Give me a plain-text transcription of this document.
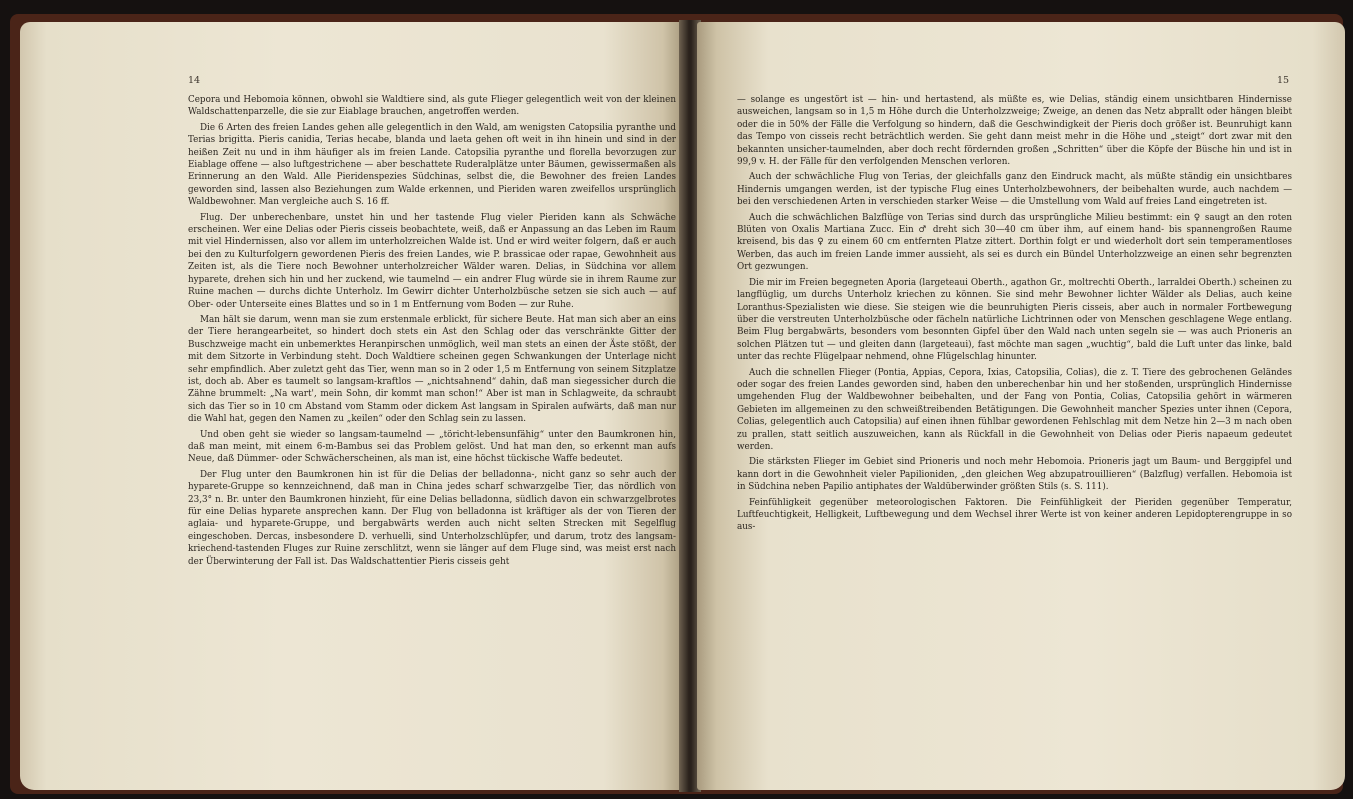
14

Cepora und Hebomoia können, obwohl sie Waldtiere sind, als gute Flieger gelegentlich weit von der kleinen Waldschattenparzelle, die sie zur Eiablage brauchen, angetroffen werden.

Die 6 Arten des freien Landes gehen alle gelegentlich in den Wald, am wenigsten Catopsilia pyranthe und Terias brigitta. Pieris canidia, Terias hecabe, blanda und laeta gehen oft weit in ihn hinein und sind in der heißen Zeit nu und in ihm häufiger als im freien Lande. Catopsilia pyranthe und florella bevorzugen zur Eiablage offene — also luftgestrichene — aber beschattete Ruderalplätze unter Bäumen, gewissermaßen als Erinnerung an den Wald. Alle Pieridenspezies Südchinas, selbst die, die Bewohner des freien Landes geworden sind, lassen also Beziehungen zum Walde erkennen, und Pieriden waren zweifellos ursprünglich Waldbewohner. Man vergleiche auch S. 16 ff.

Flug. Der unberechenbare, unstet hin und her tastende Flug vieler Pieriden kann als Schwäche erscheinen. Wer eine Delias oder Pieris cisseis beobachtete, weiß, daß er Anpassung an das Leben im Raum mit viel Hindernissen, also vor allem im unterholzreichen Walde ist. Und er wird weiter folgern, daß er auch bei den zu Kulturfolgern gewordenen Pieris des freien Landes, wie P. brassicae oder rapae, Gewohnheit aus Zeiten ist, als die Tiere noch Bewohner unterholzreicher Wälder waren. Delias, in Südchina vor allem hyparete, drehen sich hin und her zuckend, wie taumelnd — ein andrer Flug würde sie in ihrem Raume zur Ruine machen — durchs dichte Unterholz. Im Gewirr dichter Unterholzbüsche setzen sie sich auch — auf Ober- oder Unterseite eines Blattes und so in 1 m Entfernung vom Boden — zur Ruhe.

Man hält sie darum, wenn man sie zum erstenmale erblickt, für sichere Beute. Hat man sich aber an eins der Tiere herangearbeitet, so hindert doch stets ein Ast den Schlag oder das verschränkte Gitter der Buschzweige macht ein unbemerktes Heranpirschen unmöglich, weil man stets an einen der Äste stößt, der mit dem Sitzorte in Verbindung steht. Doch Waldtiere scheinen gegen Schwankungen der Unterlage nicht sehr empfindlich. Aber zuletzt geht das Tier, wenn man so in 2 oder 1,5 m Entfernung von seinem Sitzplatze ist, doch ab. Aber es taumelt so langsam-kraftlos — „nichtsahnend“ dahin, daß man siegessicher durch die Zähne brummelt: „Na wart', mein Sohn, dir kommt man schon!“ Aber ist man in Schlagweite, da schraubt sich das Tier so in 10 cm Abstand vom Stamm oder dickem Ast langsam in Spiralen aufwärts, daß man nur die Wahl hat, gegen den Namen zu „keilen“ oder den Schlag sein zu lassen.

Und oben geht sie wieder so langsam-taumelnd — „töricht-lebensunfähig“ unter den Baumkronen hin, daß man meint, mit einem 6-m-Bambus sei das Problem gelöst. Und hat man den, so erkennt man aufs Neue, daß Dümmer- oder Schwächerscheinen, als man ist, eine höchst tückische Waffe bedeutet.

Der Flug unter den Baumkronen hin ist für die Delias der belladonna-, nicht ganz so sehr auch der hyparete-Gruppe so kennzeichnend, daß man in China jedes scharf schwarzgelbe Tier, das nördlich von 23,3° n. Br. unter den Baumkronen hinzieht, für eine Delias belladonna, südlich davon ein schwarzgelbrotes für eine Delias hyparete ansprechen kann. Der Flug von belladonna ist kräftiger als der von Tieren der aglaia- und hyparete-Gruppe, und bergabwärts werden auch nicht selten Strecken mit Segelflug eingeschoben. Dercas, insbesondere D. verhuelli, sind Unterholzschlüpfer, und darum, trotz des langsam-kriechend-tastenden Fluges zur Ruine zerschlitzt, wenn sie länger auf dem Fluge sind, was meist erst nach der Überwinterung der Fall ist. Das Waldschattentier Pieris cisseis geht

15

— solange es ungestört ist — hin- und hertastend, als müßte es, wie Delias, ständig einem unsichtbaren Hindernisse ausweichen, langsam so in 1,5 m Höhe durch die Unterholzzweige; Zweige, an denen das Netz abprallt oder hängen bleibt oder die in 50% der Fälle die Verfolgung so hindern, daß die Geschwindigkeit der Pieris doch größer ist. Beunruhigt kann das Tempo von cisseis recht beträchtlich werden. Sie geht dann meist mehr in die Höhe und „steigt“ dort zwar mit den bekannten unsicher-taumelnden, aber doch recht fördernden großen „Schritten“ über die Köpfe der Büsche hin und ist in 99,9 v. H. der Fälle für den verfolgenden Menschen verloren.

Auch der schwächliche Flug von Terias, der gleichfalls ganz den Eindruck macht, als müßte ständig ein unsichtbares Hindernis umgangen werden, ist der typische Flug eines Unterholzbewohners, der beibehalten wurde, auch nachdem — bei den verschiedenen Arten in verschieden starker Weise — die Umstellung vom Wald auf freies Land eingetreten ist.

Auch die schwächlichen Balzflüge von Terias sind durch das ursprüngliche Milieu bestimmt: ein ♀ saugt an den roten Blüten von Oxalis Martiana Zucc. Ein ♂ dreht sich 30—40 cm über ihm, auf einem hand- bis spannengroßen Raume kreisend, bis das ♀ zu einem 60 cm entfernten Platze zittert. Dorthin folgt er und wiederholt dort sein temperamentloses Werben, das auch im freien Lande immer aussieht, als sei es durch ein Bündel Unterholzzweige an einen sehr begrenzten Ort gezwungen.

Die mir im Freien begegneten Aporia (largeteaui Oberth., agathon Gr., moltrechti Oberth., larraldei Oberth.) scheinen zu langflüglig, um durchs Unterholz kriechen zu können. Sie sind mehr Bewohner lichter Wälder als Delias, auch keine Loranthus-Spezialisten wie diese. Sie steigen wie die beunruhigten Pieris cisseis, aber auch in normaler Fortbewegung über die verstreuten Unterholzbüsche oder fächeln natürliche Lichtrinnen oder von Menschen geschlagene Wege entlang. Beim Flug bergabwärts, besonders vom besonnten Gipfel über den Wald nach unten segeln sie — was auch Prioneris an solchen Plätzen tut — und gleiten dann (largeteaui), fast möchte man sagen „wuchtig“, bald die Luft unter das linke, bald unter das rechte Flügelpaar nehmend, ohne Flügelschlag hinunter.

Auch die schnellen Flieger (Pontia, Appias, Cepora, Ixias, Catopsilia, Colias), die z. T. Tiere des gebrochenen Geländes oder sogar des freien Landes geworden sind, haben den unberechenbar hin und her stoßenden, ursprünglich Hindernisse umgehenden Flug der Waldbewohner beibehalten, und der Fang von Pontia, Colias, Catopsilia gehört in wärmeren Gebieten im allgemeinen zu den schweißtreibenden Betätigungen. Die Gewohnheit mancher Spezies unter ihnen (Cepora, Colias, gelegentlich auch Catopsilia) auf einen ihnen fühlbar gewordenen Fehlschlag mit dem Netze hin 2—3 m nach oben zu prallen, statt seitlich auszuweichen, kann als Rückfall in die Gewohnheit von Delias oder Pieris napaeum gedeutet werden.

Die stärksten Flieger im Gebiet sind Prioneris und noch mehr Hebomoia. Prioneris jagt um Baum- und Berggipfel und kann dort in die Gewohnheit vieler Papilioniden, „den gleichen Weg abzupatrouillieren“ (Balzflug) verfallen. Hebomoia ist in Südchina neben Papilio antiphates der Waldüberwinder größten Stils (s. S. 111).

Feinfühligkeit gegenüber meteorologischen Faktoren. Die Feinfühligkeit der Pieriden gegenüber Temperatur, Luftfeuchtigkeit, Helligkeit, Luftbewegung und dem Wechsel ihrer Werte ist von keiner anderen Lepidopterengruppe in so aus-
